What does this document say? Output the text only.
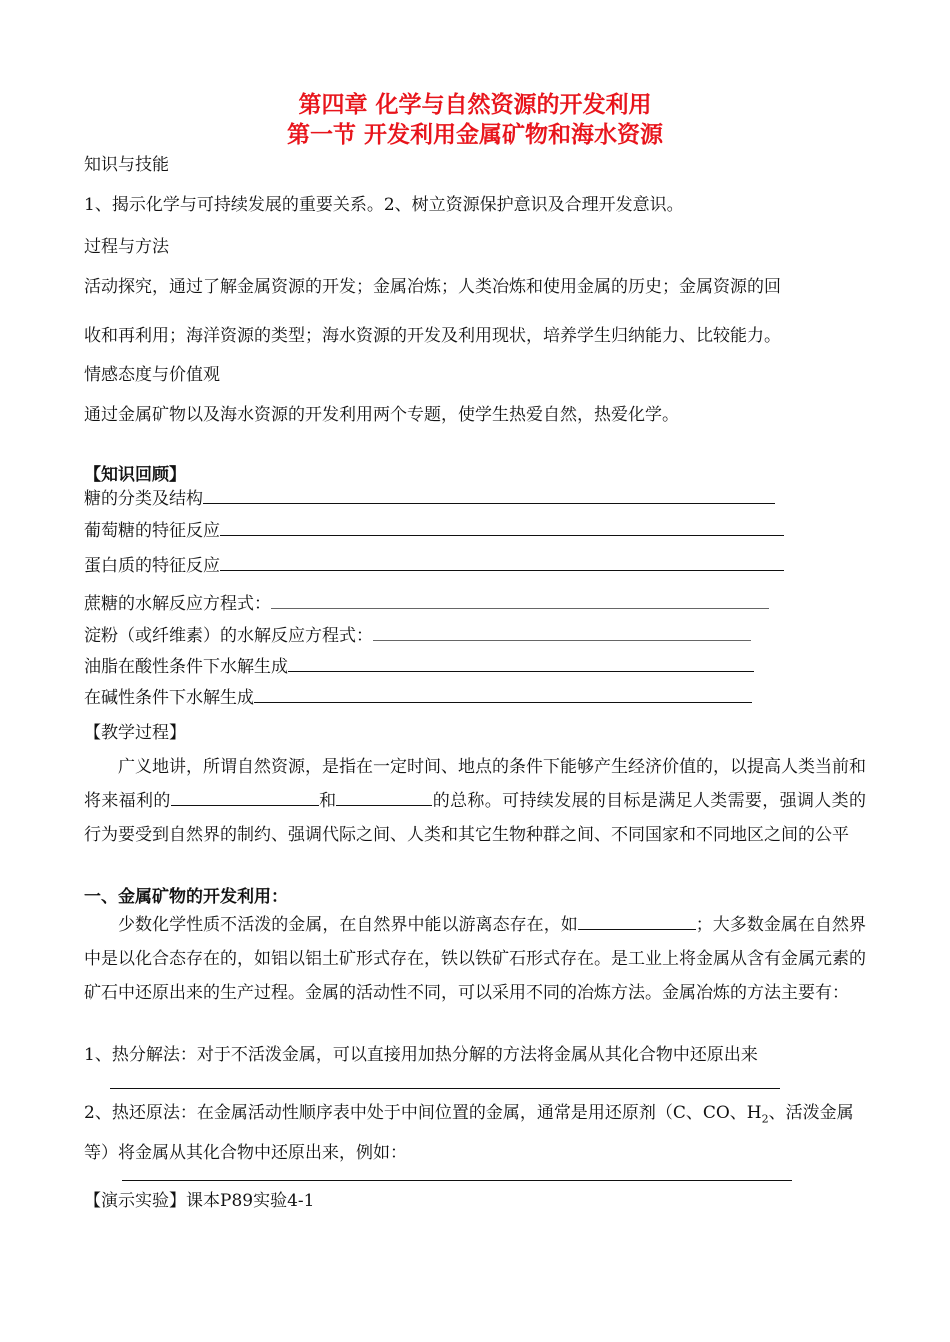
第四章 化学与自然资源的开发利用
第一节 开发利用金属矿物和海水资源
知识与技能
1、揭示化学与可持续发展的重要关系。2、树立资源保护意识及合理开发意识。
过程与方法
活动探究，通过了解金属资源的开发；金属冶炼；人类冶炼和使用金属的历史；金属资源的回
收和再利用；海洋资源的类型；海水资源的开发及利用现状，培养学生归纳能力、比较能力。
情感态度与价值观
通过金属矿物以及海水资源的开发利用两个专题，使学生热爱自然，热爱化学。
【知识回顾】
糖的分类及结构
葡萄糖的特征反应
蛋白质的特征反应
蔗糖的水解反应方程式：
淀粉（或纤维素）的水解反应方程式：
油脂在酸性条件下水解生成
在碱性条件下水解生成
【教学过程】
广义地讲，所谓自然资源，是指在一定时间、地点的条件下能够产生经济价值的，以提高人类当前和将来福利的	和	的总称。可持续发展的目标是满足人类需要，强调人类的行为要受到自然界的制约、强调代际之间、人类和其它生物种群之间、不同国家和不同地区之间的公平
一、金属矿物的开发利用：
少数化学性质不活泼的金属，在自然界中能以游离态存在，如	；大多数金属在自然界中是以化合态存在的，如铝以铝土矿形式存在，铁以铁矿石形式存在。是工业上将金属从含有金属元素的矿石中还原出来的生产过程。金属的活动性不同，可以采用不同的冶炼方法。金属冶炼的方法主要有：
1、热分解法：对于不活泼金属，可以直接用加热分解的方法将金属从其化合物中还原出来
2、热还原法：在金属活动性顺序表中处于中间位置的金属，通常是用还原剂（C、CO、$H_2$、活泼金属等）将金属从其化合物中还原出来，例如：
【演示实验】课本P89实验4-1
